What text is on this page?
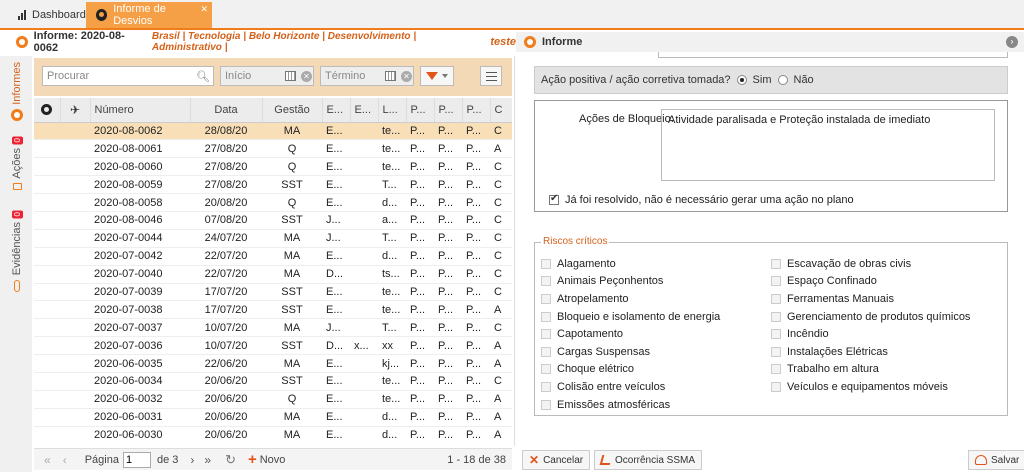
Dashboard Informe de Desvios
✕
Informe: 2020-08-0062
Brasil | Tecnologia | Belo Horizonte | Desenvolvimento | Administrativo |	teste
Informes
0
Ações
0
Evidências
Procurar	🔍︎ Início	✕ Término	✕
	✈︎	Número	Data	Gestão	E...	E...	L...	P...	P...	P...	C
		2020-08-0062	28/08/20	MA	E...		te...	P...	P...	P...	C
		2020-08-0061	27/08/20	Q	E...		te...	P...	P...	P...	A
		2020-08-0060	27/08/20	Q	E...		te...	P...	P...	P...	C
		2020-08-0059	27/08/20	SST	E...		T...	P...	P...	P...	C
		2020-08-0058	20/08/20	Q	E...		d...	P...	P...	P...	C
		2020-08-0046	07/08/20	SST	J...		a...	P...	P...	P...	C
		2020-07-0044	24/07/20	MA	J...		T...	P...	P...	P...	C
		2020-07-0042	22/07/20	MA	E...		d...	P...	P...	P...	C
		2020-07-0040	22/07/20	MA	D...		ts...	P...	P...	P...	C
		2020-07-0039	17/07/20	SST	E...		te...	P...	P...	P...	C
		2020-07-0038	17/07/20	SST	E...		te...	P...	P...	P...	A
		2020-07-0037	10/07/20	MA	J...		T...	P...	P...	P...	C
		2020-07-0036	10/07/20	SST	D...	x...	xx	P...	P...	P...	A
		2020-06-0035	22/06/20	MA	E...		kj...	P...	P...	P...	A
		2020-06-0034	20/06/20	SST	E...		te...	P...	P...	P...	C
		2020-06-0032	20/06/20	Q	E...		te...	P...	P...	P...	A
		2020-06-0031	20/06/20	MA	E...		d...	P...	P...	P...	A
		2020-06-0030	20/06/20	MA	E...		d...	P...	P...	P...	A
« ‹ Página
1	de 3 › » ↻ + Novo	1 - 18 de 38
Informe	›
Ação positiva / ação corretiva tomada? Sim Não
Ações de Bloqueio:
Atividade paralisada e Proteção instalada de imediato
✔
Já foi resolvido, não é necessário gerar uma ação no plano
Riscos críticos
Alagamento
Animais Peçonhentos
Atropelamento
Bloqueio e isolamento de energia
Capotamento
Cargas Suspensas
Choque elétrico
Colisão entre veículos
Emissões atmosféricas
Escavação de obras civis
Espaço Confinado
Ferramentas Manuais
Gerenciamento de produtos químicos
Incêndio
Instalações Elétricas
Trabalho em altura
Veículos e equipamentos móveis
✕ Cancelar	Ocorrência SSMA	Salvar
